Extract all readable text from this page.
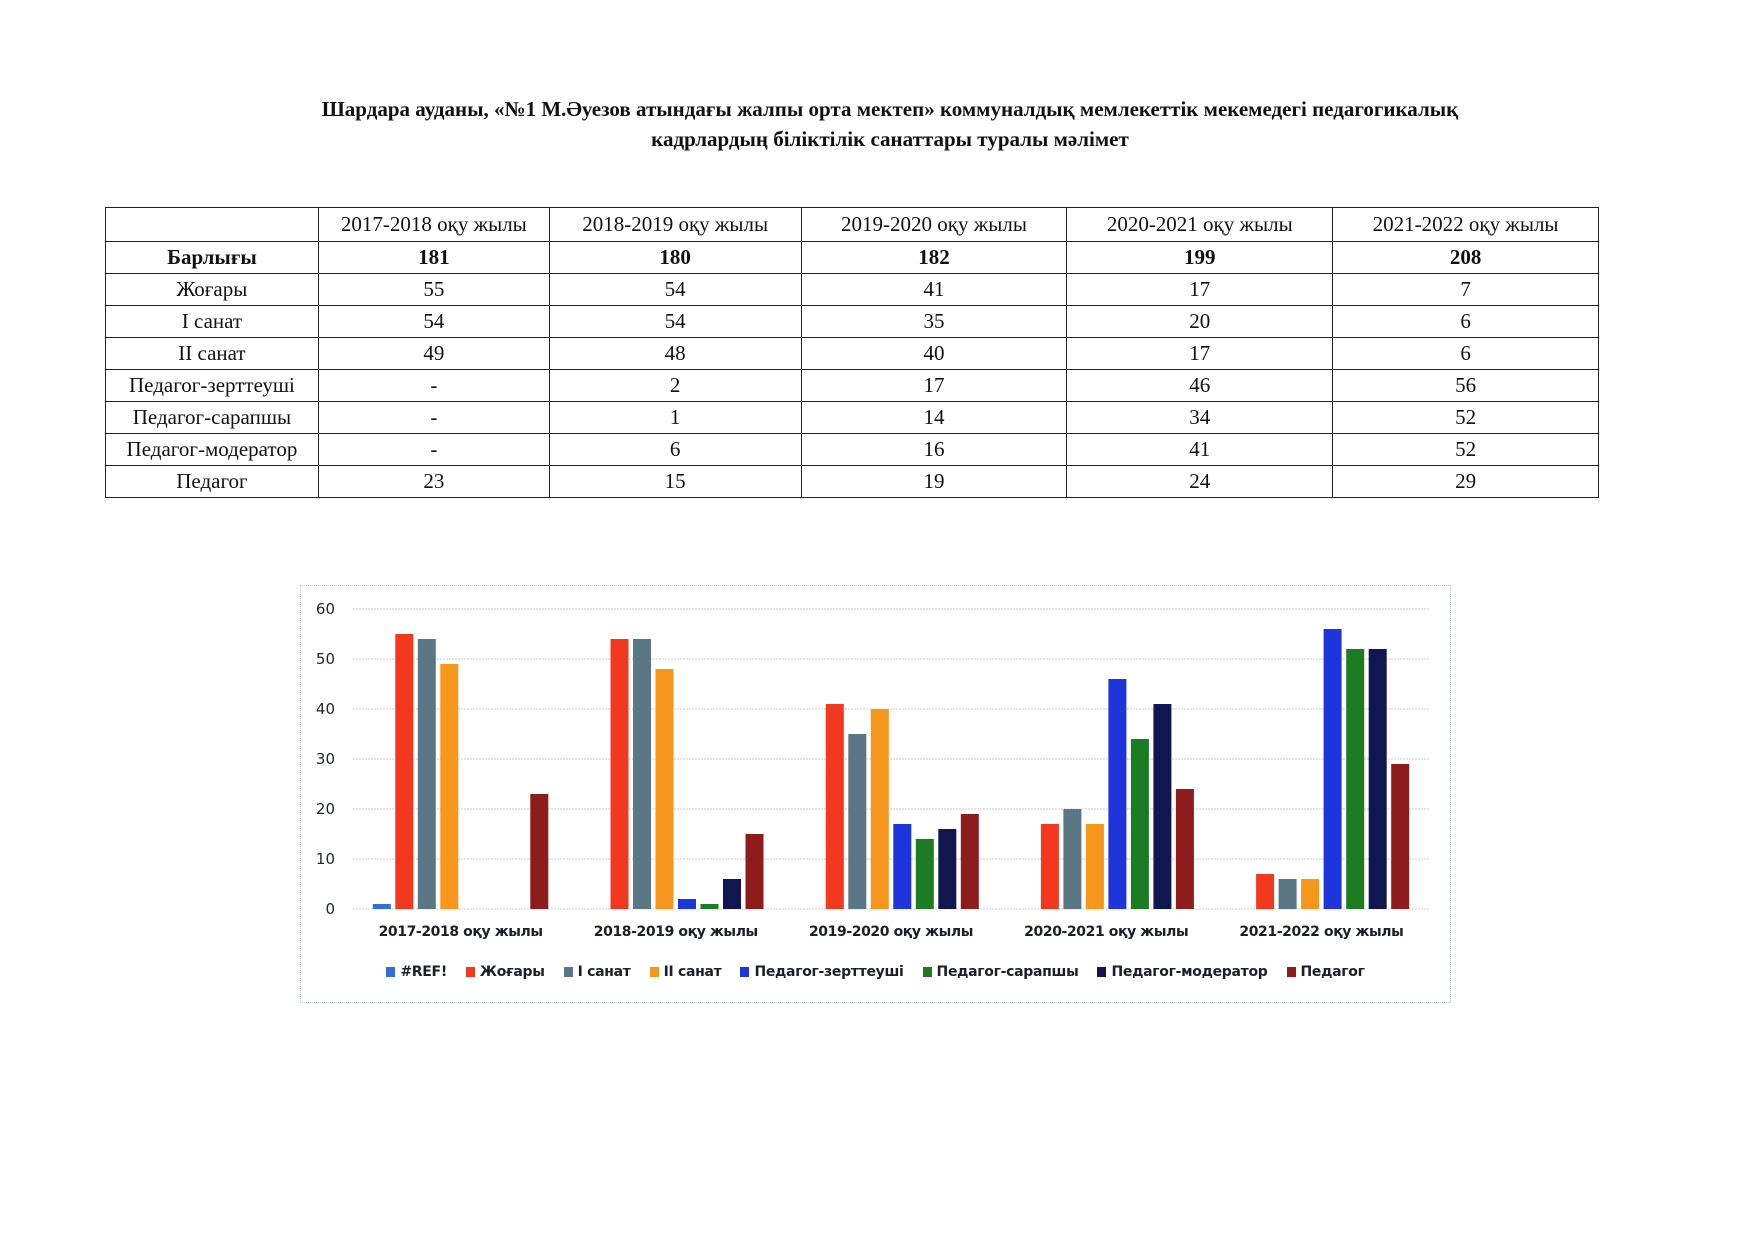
Шардара ауданы, «№1 М.Әуезов атындағы жалпы орта мектеп» коммуналдық мемлекеттік мекемедегі педагогикалық
кадрлардың біліктілік санаттары туралы мәлімет
	2017-2018 оқу жылы	2018-2019 оқу жылы	2019-2020 оқу жылы	2020-2021 оқу жылы	2021-2022 оқу жылы
Барлығы	181	180	182	199	208
Жоғары	55	54	41	17	7
I санат	54	54	35	20	6
II санат	49	48	40	17	6
Педагог-зерттеуші	-	2	17	46	56
Педагог-сарапшы	-	1	14	34	52
Педагог-модератор	-	6	16	41	52
Педагог	23	15	19	24	29
0
10
20
30
40
50
60
2017-2018 оқу жылы	2018-2019 оқу жылы	2019-2020 оқу жылы	2020-2021 оқу жылы	2021-2022 оқу жылы
#REF! Жоғары I санат II санат Педагог-зерттеуші Педагог-сарапшы Педагог-модератор Педагог
